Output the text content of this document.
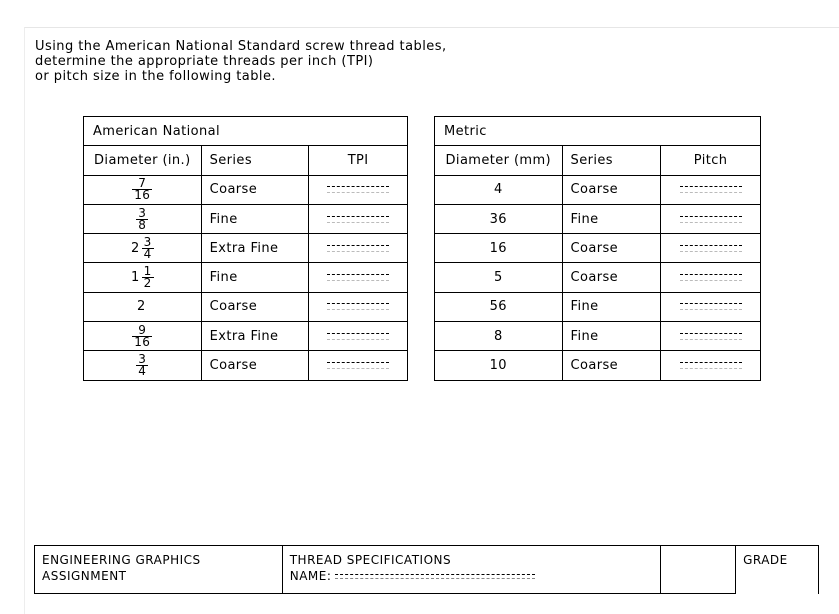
Using the American National Standard screw thread tables,
determine the appropriate threads per inch (TPI)
or pitch size in the following table.
American National		
Diameter (in.)	Series	TPI

$\frac{7}{16}$	Coarse	

$\frac{3}{8}$	Fine	
$2 \frac{3}{4}$	Extra Fine	
$1 \frac{1}{2}$	Fine	
2	Coarse	

$\frac{9}{16}$	Extra Fine	

$\frac{3}{4}$	Coarse	
Metric		
Diameter (mm)	Series	Pitch
4	Coarse	
36	Fine	
16	Coarse	
5	Coarse	
56	Fine	
8	Fine	
10	Coarse	
ENGINEERING GRAPHICS
ASSIGNMENT

THREAD SPECIFICATIONS
NAME:

GRADE
